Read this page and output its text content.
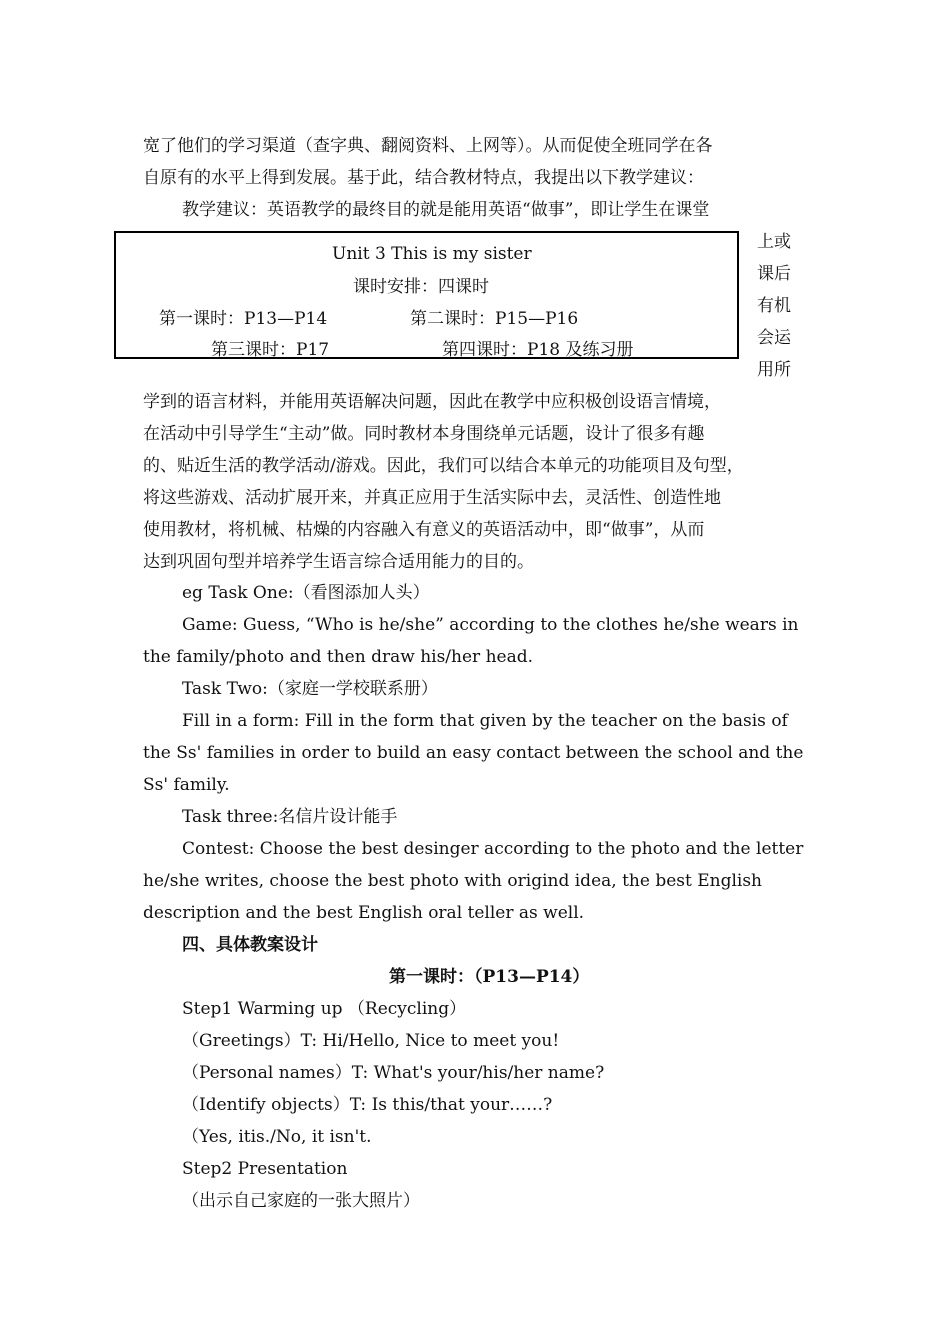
宽了他们的学习渠道（查字典、翻阅资料、上网等）。从而促使全班同学在各
自原有的水平上得到发展。基于此，结合教材特点，我提出以下教学建议：
教学建议：英语教学的最终目的就是能用英语“做事”，即让学生在课堂
Unit 3 This is my sister
课时安排：四课时
第一课时：P13—P14	第二课时：P15—P16
第三课时：P17	第四课时：P18 及练习册
上或
课后
有机
会运
用所
学到的语言材料，并能用英语解决问题，因此在教学中应积极创设语言情境，
在活动中引导学生“主动”做。同时教材本身围绕单元话题，设计了很多有趣
的、贴近生活的教学活动/游戏。因此，我们可以结合本单元的功能项目及句型，
将这些游戏、活动扩展开来，并真正应用于生活实际中去，灵活性、创造性地
使用教材，将机械、枯燥的内容融入有意义的英语活动中，即“做事”，从而
达到巩固句型并培养学生语言综合适用能力的目的。
eg Task One:（看图添加人头）
Game: Guess, “Who is he/she” according to the clothes he/she wears in
the family/photo and then draw his/her head.
Task Two:（家庭一学校联系册）
Fill in a form: Fill in the form that given by the teacher on the basis of
the Ss' families in order to build an easy contact between the school and the
Ss' family.
Task three:名信片设计能手
Contest: Choose the best desinger according to the photo and the letter
he/she writes, choose the best photo with origind idea, the best English
description and the best English oral teller as well.
四、具体教案设计
第一课时：（P13—P14）
Step1 Warming up （Recycling）
（Greetings）T: Hi/Hello, Nice to meet you!
（Personal names）T: What's your/his/her name?
（Identify objects）T: Is this/that your……?
（Yes, itis./No, it isn't.
Step2 Presentation
（出示自己家庭的一张大照片）
